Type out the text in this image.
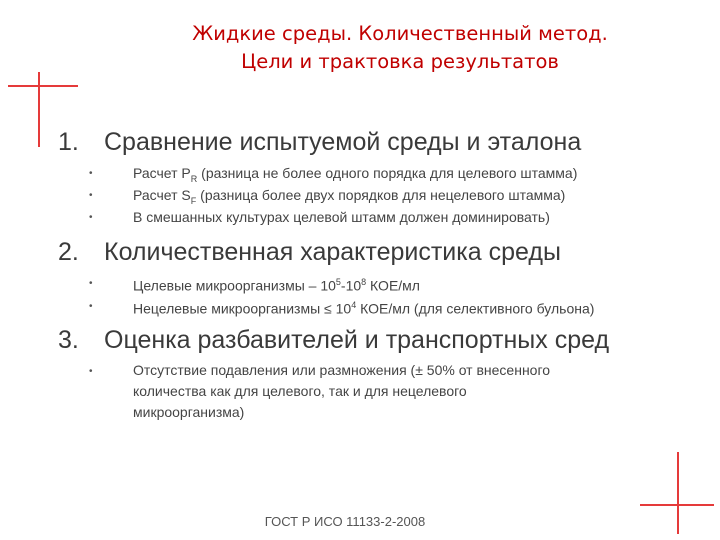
Жидкие среды. Количественный метод.
Цели и трактовка результатов
1. Сравнение испытуемой среды и эталона
•	Расчет $P_R$ (разница не более одного порядка для целевого штамма)
•	Расчет $S_F$ (разница более двух порядков для нецелевого штамма)
•	В смешанных культурах целевой штамм должен доминировать)
2. Количественная характеристика среды
•	Целевые микроорганизмы – $10^5-10^8$ КОЕ/мл
•	Нецелевые микроорганизмы ≤ $10^4$ КОЕ/мл (для селективного бульона)
3. Оценка разбавителей и транспортных сред
•	Отсутствие подавления или размножения (± 50% от внесенного
количества как для целевого, так и для нецелевого
микроорганизма)
ГОСТ Р ИСО 11133-2-2008
